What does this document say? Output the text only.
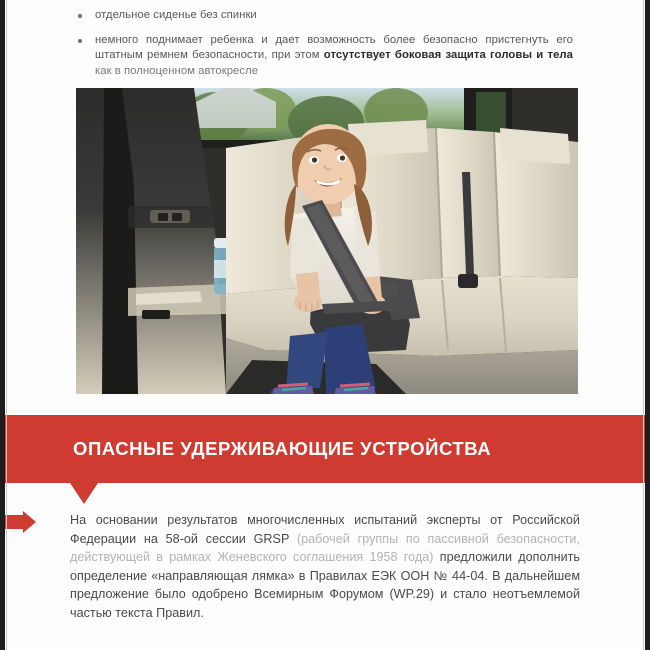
отдельное сиденье без спинки
немного поднимает ребенка и дает возможность более безопасно пристегнуть его штатным ремнем безопасности, при этом отсутствует боковая защита головы и тела как в полноценном автокресле
ОПАСНЫЕ УДЕРЖИВАЮЩИЕ УСТРОЙСТВА
На основании результатов многочисленных испытаний эксперты от Российской Федерации на 58-ой сессии GRSP (рабочей группы по пассивной безопасности, действующей в рамках Женевского соглашения 1958 года) предложили дополнить определение «направляющая лямка» в Правилах ЕЭК ООН № 44-04. В дальнейшем предложение было одобрено Всемирным Форумом (WP.29) и стало неотъемлемой частью текста Правил.
